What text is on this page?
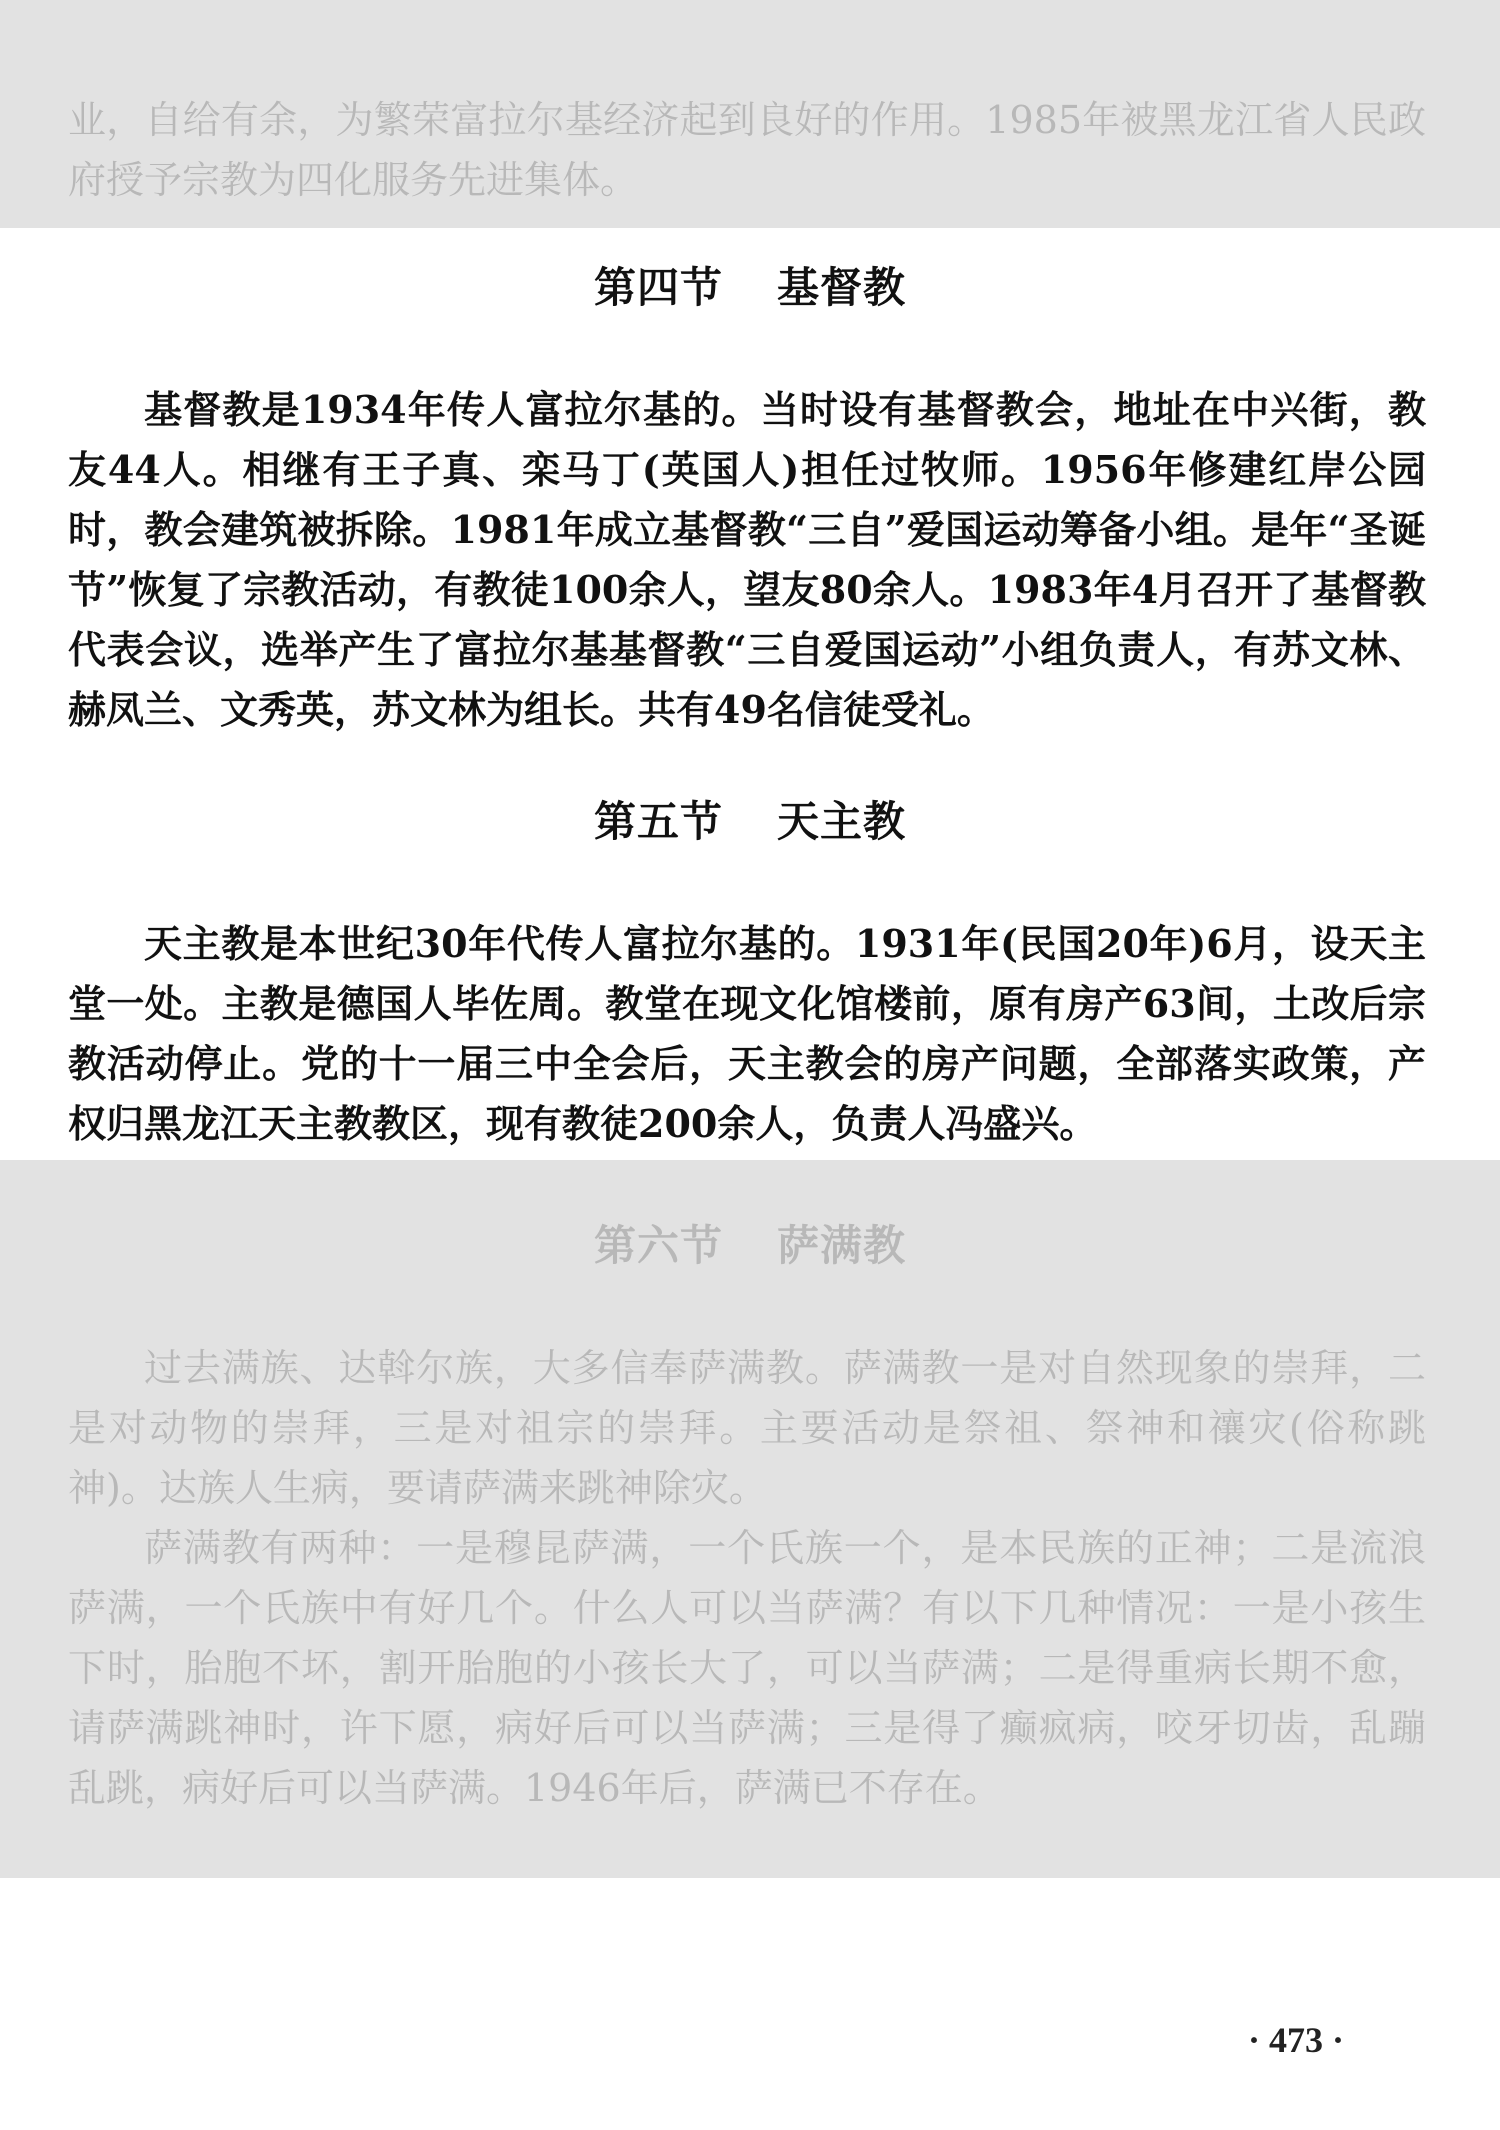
业，自给有余，为繁荣富拉尔基经济起到良好的作用。1985年被黑龙江省人民政府授予宗教为四化服务先进集体。

第四节 基督教

基督教是1934年传人富拉尔基的。当时设有基督教会，地址在中兴街，教友44人。相继有王子真、栾马丁(英国人)担任过牧师。1956年修建红岸公园时，教会建筑被拆除。1981年成立基督教“三自”爱国运动筹备小组。是年“圣诞节”恢复了宗教活动，有教徒100余人，望友80余人。1983年4月召开了基督教代表会议，选举产生了富拉尔基基督教“三自爱国运动”小组负责人，有苏文林、赫凤兰、文秀英，苏文林为组长。共有49名信徒受礼。

第五节 天主教

天主教是本世纪30年代传人富拉尔基的。1931年(民国20年)6月，设天主堂一处。主教是德国人毕佐周。教堂在现文化馆楼前，原有房产63间，土改后宗教活动停止。党的十一届三中全会后，天主教会的房产问题，全部落实政策，产权归黑龙江天主教教区，现有教徒200余人，负责人冯盛兴。

第六节 萨满教

过去满族、达斡尔族，大多信奉萨满教。萨满教一是对自然现象的崇拜，二是对动物的崇拜，三是对祖宗的崇拜。主要活动是祭祖、祭神和禳灾(俗称跳神)。达族人生病，要请萨满来跳神除灾。

萨满教有两种：一是穆昆萨满，一个氏族一个，是本民族的正神；二是流浪萨满，一个氏族中有好几个。什么人可以当萨满？有以下几种情况：一是小孩生下时，胎胞不坏，割开胎胞的小孩长大了，可以当萨满；二是得重病长期不愈，请萨满跳神时，许下愿，病好后可以当萨满；三是得了癫疯病，咬牙切齿，乱蹦乱跳，病好后可以当萨满。1946年后，萨满已不存在。

· 473 ·
